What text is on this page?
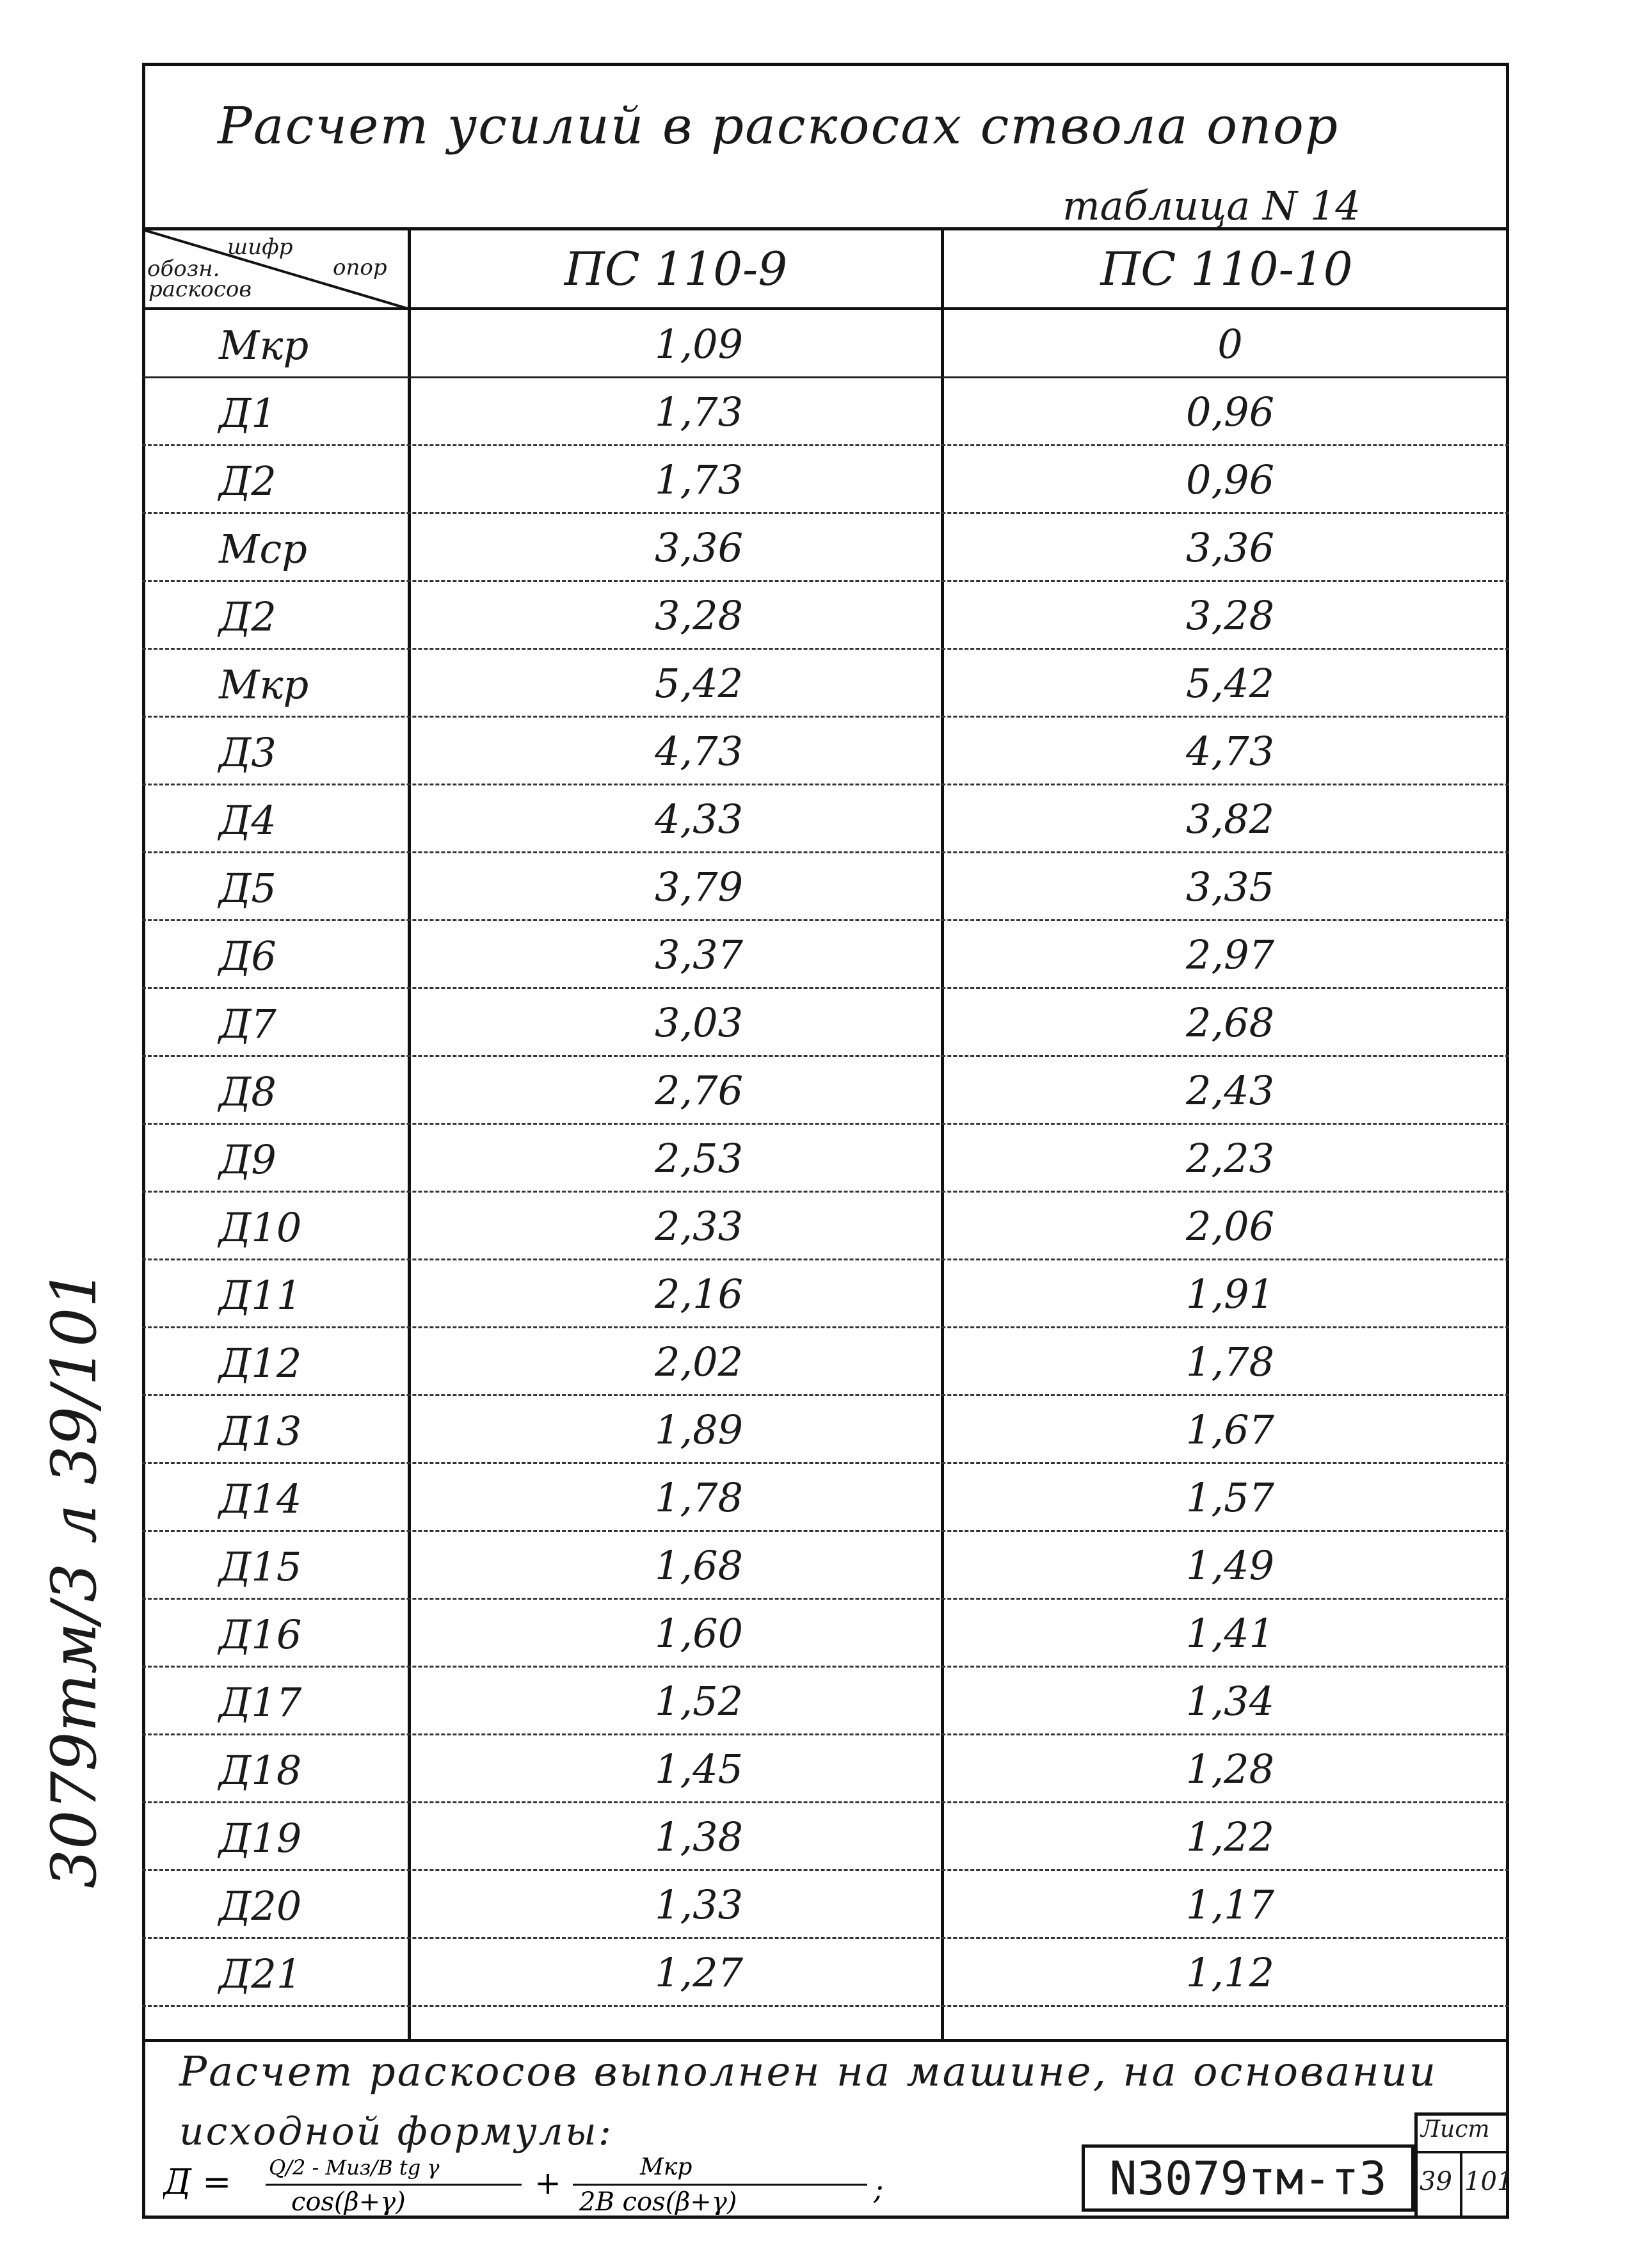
Расчет усилий в раскосах ствола опор
таблица N 14
шифр
опор
обозн.
раскосов	ПС 110-9	ПС 110-10
Мкр	1,09	0
Д1	1,73	0,96
Д2	1,73	0,96
Мср	3,36	3,36
Д2	3,28	3,28
Мкр	5,42	5,42
Д3	4,73	4,73
Д4	4,33	3,82
Д5	3,79	3,35
Д6	3,37	2,97
Д7	3,03	2,68
Д8	2,76	2,43
Д9	2,53	2,23
Д10	2,33	2,06
Д11	2,16	1,91
Д12	2,02	1,78
Д13	1,89	1,67
Д14	1,78	1,57
Д15	1,68	1,49
Д16	1,60	1,41
Д17	1,52	1,34
Д18	1,45	1,28
Д19	1,38	1,22
Д20	1,33	1,17
Д21	1,27	1,12
Расчет раскосов выполнен на машине, на основании
исходной формулы:
Д = Q/2 - Mиз/B tg γ
cos(β+γ)
+	Мкр
2B cos(β+γ)	;	N3079тм-т3
Лист
39 101
3079тм/3 л 39/101
